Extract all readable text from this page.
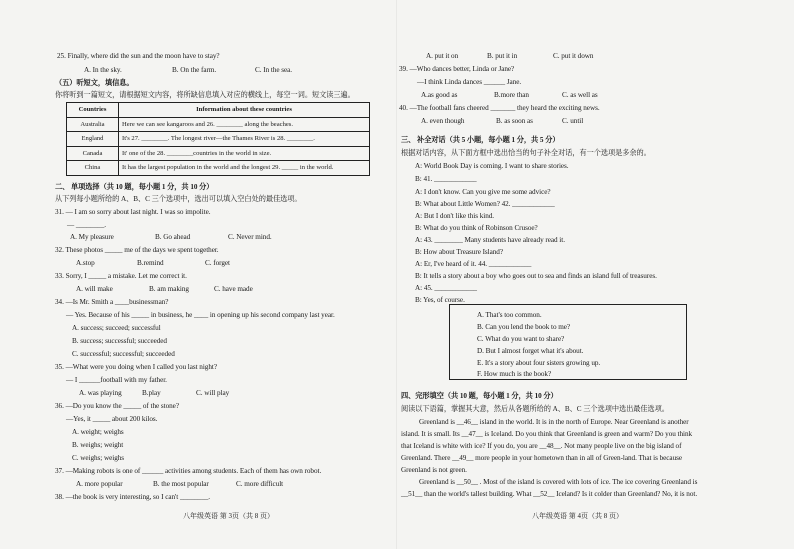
25. Finally, where did the sun and the moon have to stay?
A. In the sky.	B. On the farm.	C. In the sea.
（五）听短文，填信息。
你将听到一篇短文，请根据短文内容，将所缺信息填入对应的横线上，每空一词。短文读三遍。
Countries	Information about these countries
Australia	Here we can see kangaroos and 26. ________ along the beaches.
England	It's 27. ________. The longest river—the Thames River is 28. ________.
Canada	It' one of the 28. ________countries in the world in size.
China	It has the largest population in the world and the longest 29. _____ in the world.
二、 单项选择（共 10 题，每小题 1 分，共 10 分）
从下列每小题所给的 A、B、C 三个选项中，选出可以填入空白处的最佳选项。
31. — I am so sorry about last night. I was so impolite.
— ________.
A. My pleasure	B. Go ahead	C. Never mind.
32. These photos _____ me of the days we spent together.
A.stop	B.remind	C. forget
33. Sorry, I _____ a mistake. Let me correct it.
A. will make	B. am making	C. have made
34. —Is Mr. Smith a ____businessman?
— Yes. Because of his _____ in business, he ____ in opening up his second company last year.
A. success; succeed; successful
B. success; successful; succeeded
C. successful; successful; succeeded
35. —What were you doing when I called you last night?
— I ______football with my father.
A. was playing	B.play	C. will play
36. —Do you know the _____ of the stone?
—Yes, it _____ about 200 kilos.
A. weight; weighs
B. weighs; weight
C. weighs; weighs
37. —Making robots is one of ______ activities among students. Each of them has own robot.
A. more popular	B. the most popular	C. more difficult
38. —the book is very interesting, so I can't ________.
八年级英语 第 3页（共 8 页）
A. put it on	B. put it in	C. put it down
39. —Who dances better, Linda or Jane?
—I think Linda dances ______ Jane.
A.as good as	B.more than	C. as well as
40. —The football fans cheered _______ they heard the exciting news.
A. even though	B. as soon as	C. until
三、 补全对话（共 5 小题，每小题 1 分，共 5 分）
根据对话内容，从下面方框中选出恰当的句子补全对话，有一个选项是多余的。
A: World Book Day is coming. I want to share stories.
B: 41. ____________
A: I don't know. Can you give me some advice?
B: What about Little Women? 42. ____________
A: But I don't like this kind.
B: What do you think of Robinson Crusoe?
A: 43. ________ Many students have already read it.
B: How about Treasure Island?
A: Er, I've heard of it. 44. ____________
B: It tells a story about a boy who goes out to sea and finds an island full of treasures.
A: 45. ____________
B: Yes, of course.
A. That's too common.
B. Can you lend the book to me?
C. What do you want to share?
D. But I almost forget what it's about.
E. It's a story about four sisters growing up.
F. How much is the book?
四、完形填空（共 10 题，每小题 1 分，共 10 分）
阅读以下语篇，掌握其大意，然后从各题所给的 A、B、C 三个选项中选出最佳选项。
Greenland is __46__ island in the world. It is in the north of Europe. Near Greenland is another
island. It is small. Its __47__ is Iceland. Do you think that Greenland is green and warm? Do you think
that Iceland is white with ice? If you do, you are __48__. Not many people live on the big island of
Greenland. There __49__ more people in your hometown than in all of Green-land. That is because
Greenland is not green.
Greenland is __50__ . Most of the island is covered with lots of ice. The ice covering Greenland is
__51__ than the world's tallest building. What __52__ Iceland? Is it colder than Greenland? No, it is not.
八年级英语 第 4页（共 8 页）
